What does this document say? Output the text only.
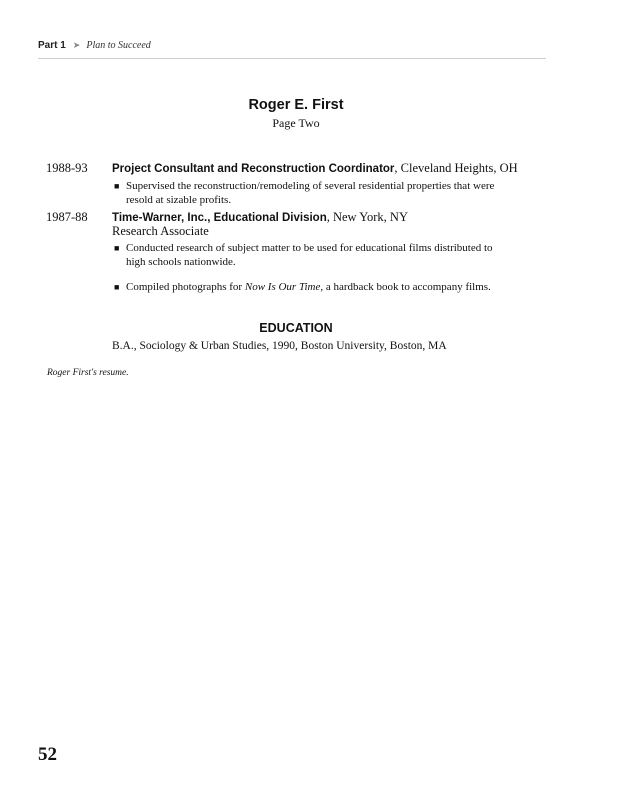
Part 1 ➤ Plan to Succeed
Roger E. First
Page Two
1988-93 Project Consultant and Reconstruction Coordinator, Cleveland Heights, OH
■ Supervised the reconstruction/remodeling of several residential properties that were
resold at sizable profits.
1987-88 Time-Warner, Inc., Educational Division, New York, NY
Research Associate
■ Conducted research of subject matter to be used for educational films distributed to
high schools nationwide.
■ Compiled photographs for Now Is Our Time, a hardback book to accompany films.
EDUCATION
B.A., Sociology & Urban Studies, 1990, Boston University, Boston, MA
Roger First's resume.
52
